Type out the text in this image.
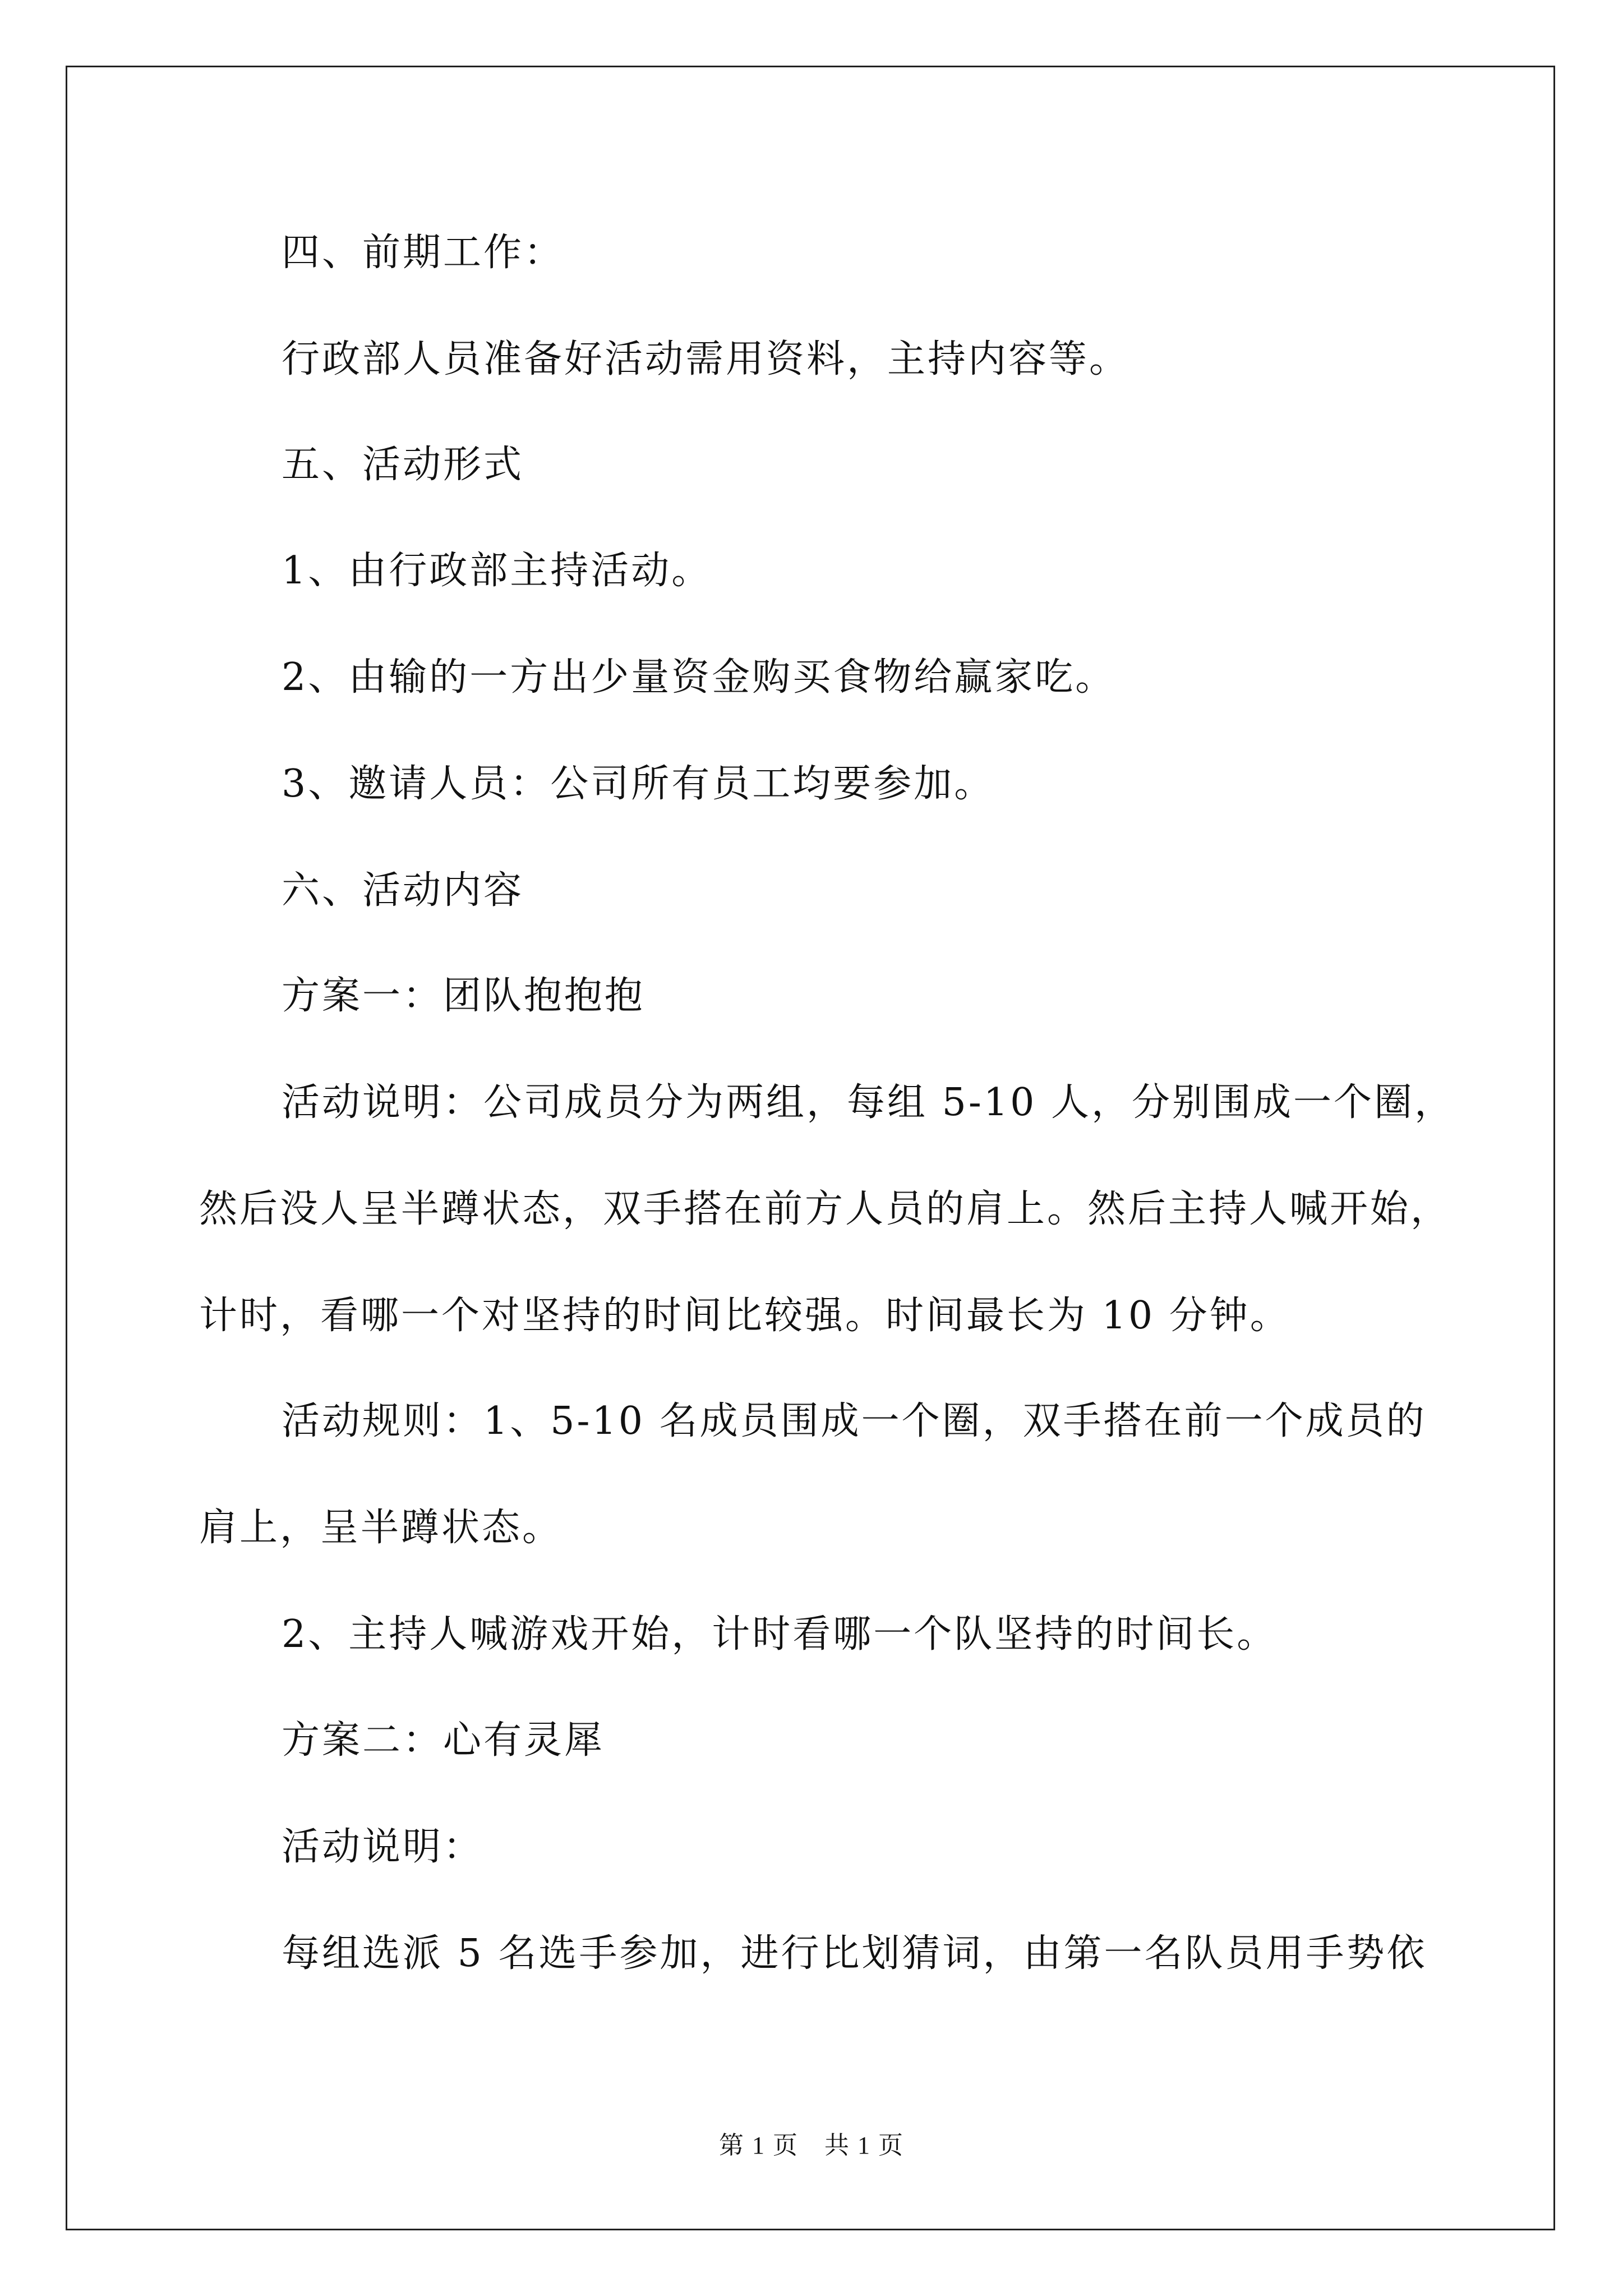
四、前期工作：

行政部人员准备好活动需用资料，主持内容等。

五、活动形式

1、由行政部主持活动。

2、由输的一方出少量资金购买食物给赢家吃。

3、邀请人员：公司所有员工均要参加。

六、活动内容

方案一：团队抱抱抱

活动说明：公司成员分为两组，每组 5-10 人，分别围成一个圈，

然后没人呈半蹲状态，双手搭在前方人员的肩上。然后主持人喊开始，

计时，看哪一个对坚持的时间比较强。时间最长为 10 分钟。

活动规则：1、5-10 名成员围成一个圈，双手搭在前一个成员的

肩上，呈半蹲状态。

2、主持人喊游戏开始，计时看哪一个队坚持的时间长。

方案二：心有灵犀

活动说明：

每组选派 5 名选手参加，进行比划猜词，由第一名队员用手势依

第 1 页　共 1 页
